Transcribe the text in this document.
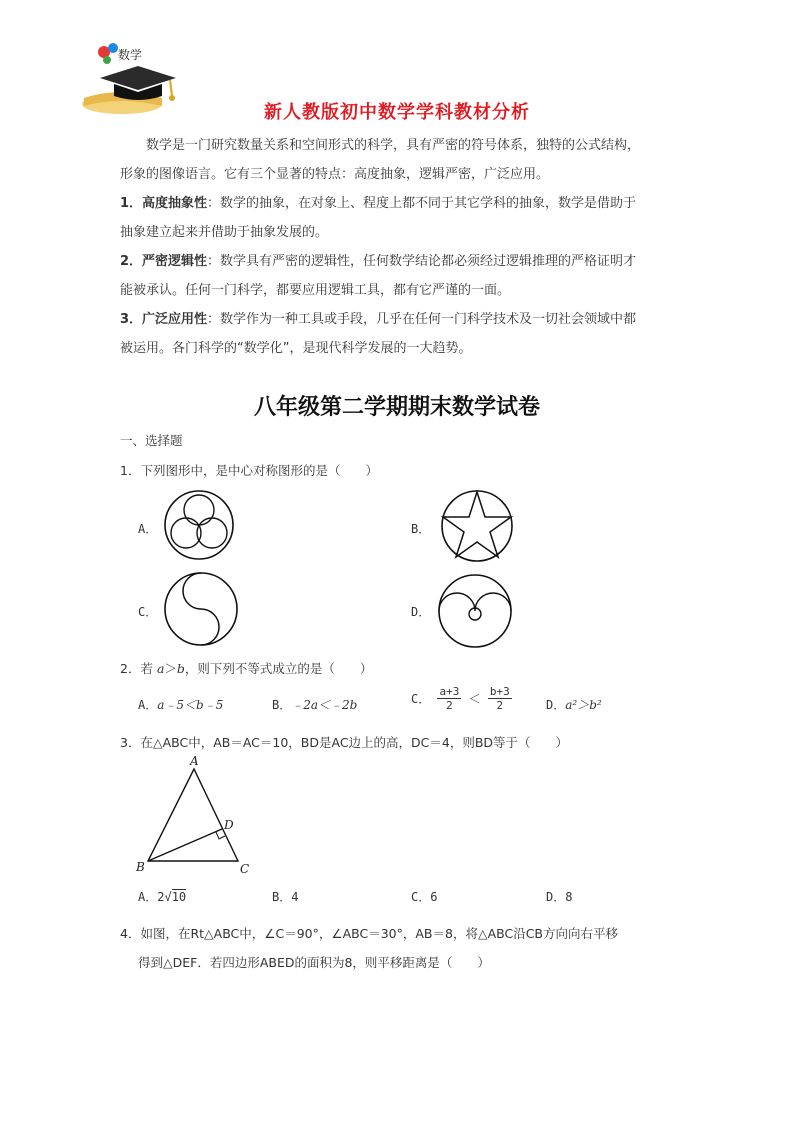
数学
新人教版初中数学学科教材分析
数学是一门研究数量关系和空间形式的科学，具有严密的符号体系，独特的公式结构，
形象的图像语言。它有三个显著的特点：高度抽象，逻辑严密，广泛应用。
1．高度抽象性：数学的抽象，在对象上、程度上都不同于其它学科的抽象，数学是借助于
抽象建立起来并借助于抽象发展的。
2．严密逻辑性：数学具有严密的逻辑性，任何数学结论都必须经过逻辑推理的严格证明才
能被承认。任何一门科学，都要应用逻辑工具，都有它严谨的一面。
3．广泛应用性：数学作为一种工具或手段，几乎在任何一门科学技术及一切社会领域中都
被运用。各门科学的“数学化”，是现代科学发展的一大趋势。
八年级第二学期期末数学试卷
一、选择题
1．下列图形中，是中心对称图形的是（　　）
A．	B．
C．	D．
2．若 a＞b，则下列不等式成立的是（　　）
A．a﹣5＜b﹣5	B．﹣2a＜﹣2b	C． $\frac{a+3}{2} < \frac{b+3}{2}$	D．a²＞b²
3．在△ABC中，AB＝AC＝10，BD是AC边上的高，DC＝4，则BD等于（　　）
A
B	C
D
A．2√10	B．4	C．6	D．8
4．如图，在Rt△ABC中，∠C＝90°，∠ABC＝30°，AB＝8，将△ABC沿CB方向向右平移
得到△DEF．若四边形ABED的面积为8，则平移距离是（　　）
